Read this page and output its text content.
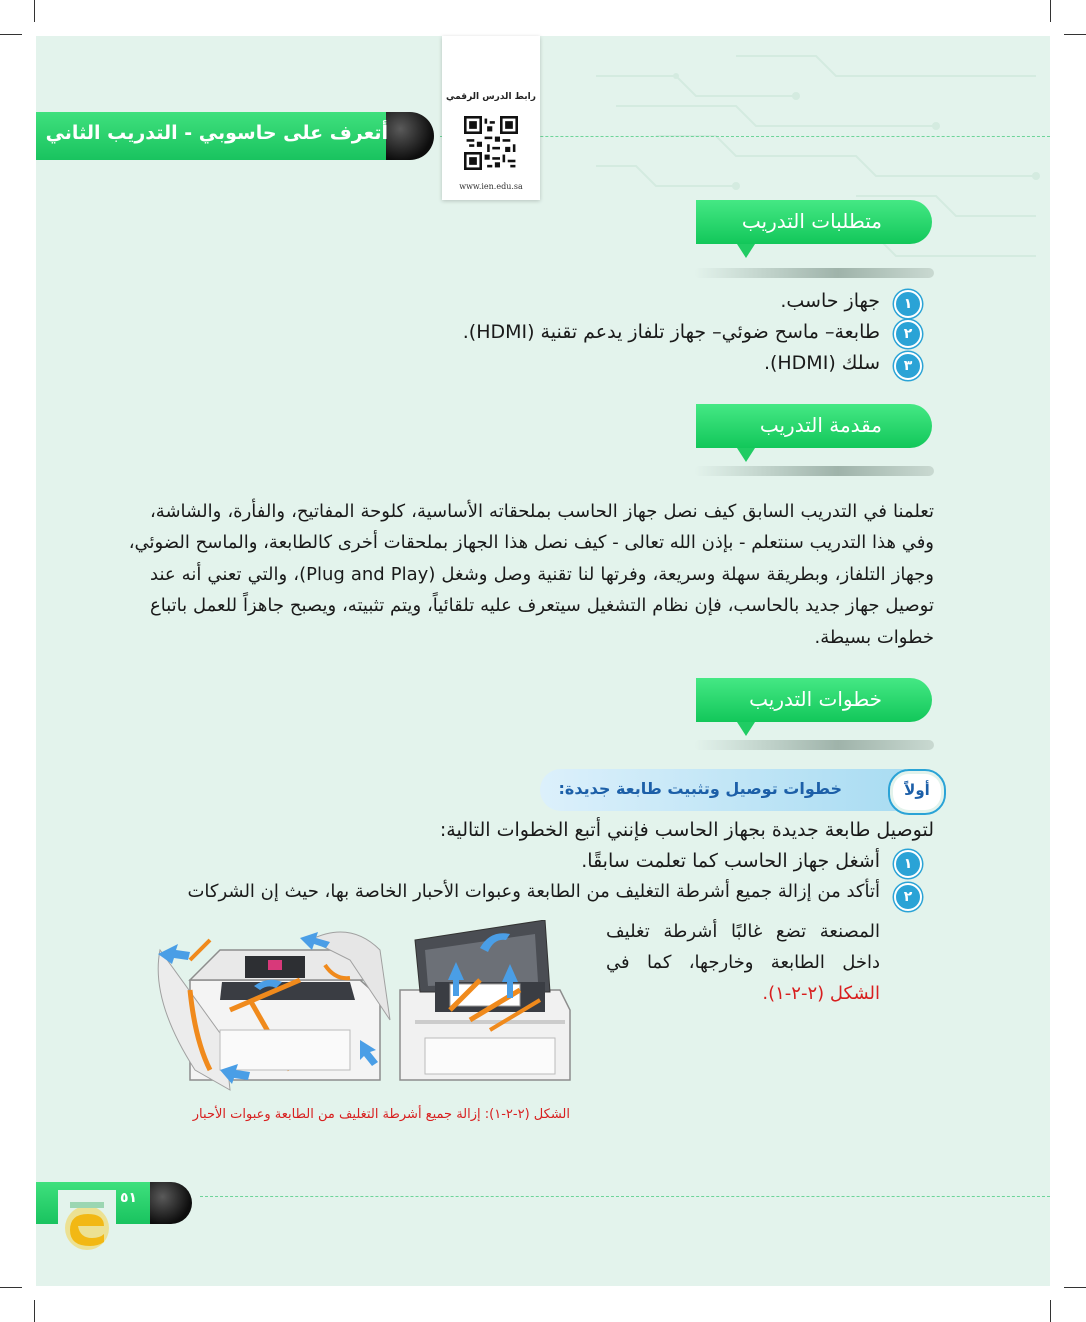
أتعرف على حاسوبي - التدريب الثاني
رابط الدرس الرقمي
www.ien.edu.sa
متطلبات التدريب
١
جهاز حاسب.
٢
طابعة– ماسح ضوئي– جهاز تلفاز يدعم تقنية (HDMI).
٣
سلك (HDMI).
مقدمة التدريب
تعلمنا في التدريب السابق كيف نصل جهاز الحاسب بملحقاته الأساسية، كلوحة المفاتيح، والفأرة، والشاشة،
وفي هذا التدريب سنتعلم - بإذن الله تعالى - كيف نصل هذا الجهاز بملحقات أخرى كالطابعة، والماسح الضوئي،
وجهاز التلفاز، وبطريقة سهلة وسريعة، وفرتها لنا تقنية وصل وشغل (Plug and Play)، والتي تعني أنه عند
توصيل جهاز جديد بالحاسب، فإن نظام التشغيل سيتعرف عليه تلقائياً، ويتم تثبيته، ويصبح جاهزاً للعمل باتباع
خطوات بسيطة.
خطوات التدريب
خطوات توصيل وتثبيت طابعة جديدة:	أولاً
لتوصيل طابعة جديدة بجهاز الحاسب فإنني أتبع الخطوات التالية:
١
أشغل جهاز الحاسب كما تعلمت سابقًا.
٢
أتأكد من إزالة جميع أشرطة التغليف من الطابعة وعبوات الأحبار الخاصة بها، حيث إن الشركات
المصنعة تضع غالبًا أشرطة تغليف
داخل الطابعة وخارجها، كما في
الشكل (٢-٢-١).
الشكل (٢-٢-١): إزالة جميع أشرطة التغليف من الطابعة وعبوات الأحبار
٥١
